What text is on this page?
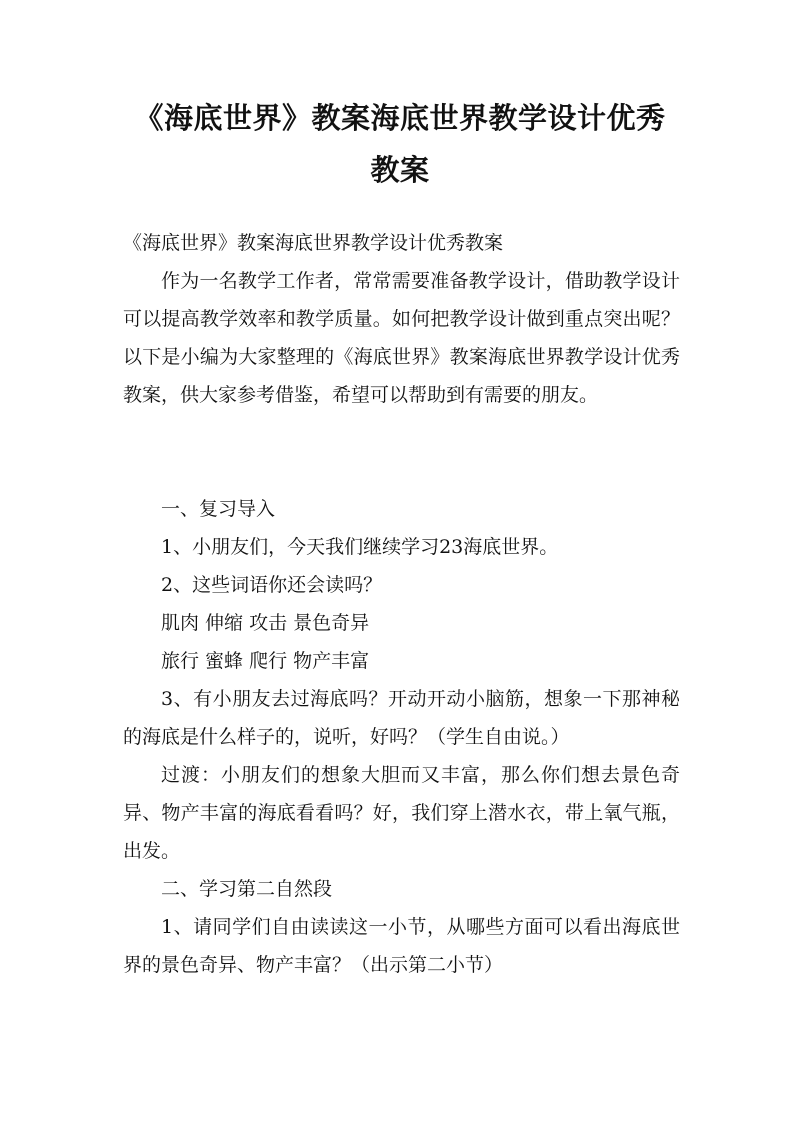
《海底世界》教案海底世界教学设计优秀教案

《海底世界》教案海底世界教学设计优秀教案

作为一名教学工作者，常常需要准备教学设计，借助教学设计可以提高教学效率和教学质量。如何把教学设计做到重点突出呢？以下是小编为大家整理的《海底世界》教案海底世界教学设计优秀教案，供大家参考借鉴，希望可以帮助到有需要的朋友。

一、复习导入

1、小朋友们，今天我们继续学习23海底世界。

2、这些词语你还会读吗？

肌肉 伸缩 攻击 景色奇异

旅行 蜜蜂 爬行 物产丰富

3、有小朋友去过海底吗？开动开动小脑筋，想象一下那神秘的海底是什么样子的，说听，好吗？（学生自由说。）

过渡：小朋友们的想象大胆而又丰富，那么你们想去景色奇异、物产丰富的海底看看吗？好，我们穿上潜水衣，带上氧气瓶，出发。

二、学习第二自然段

1、请同学们自由读读这一小节，从哪些方面可以看出海底世界的景色奇异、物产丰富？（出示第二小节）
